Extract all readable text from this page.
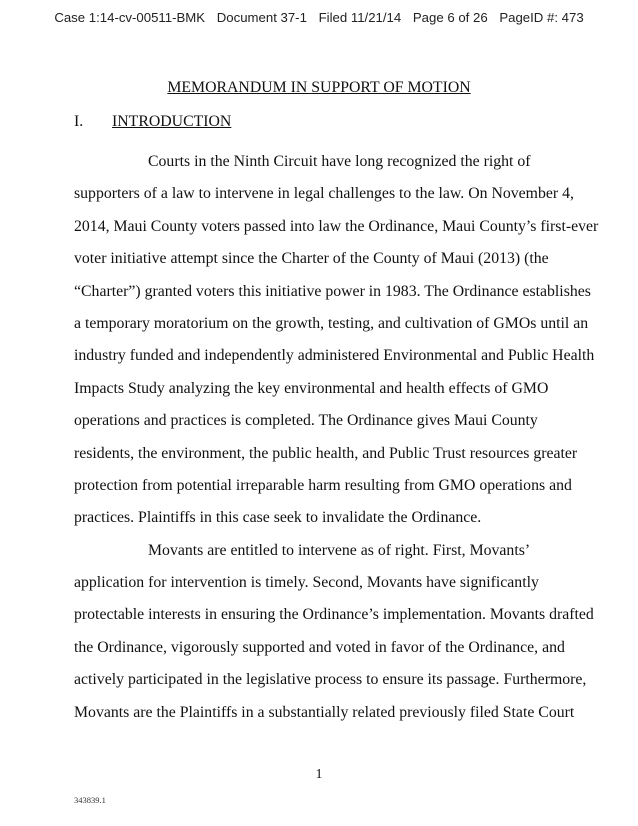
Case 1:14-cv-00511-BMK Document 37-1 Filed 11/21/14 Page 6 of 26 PageID #: 473
MEMORANDUM IN SUPPORT OF MOTION
I. INTRODUCTION
Courts in the Ninth Circuit have long recognized the right of
supporters of a law to intervene in legal challenges to the law. On November 4,
2014, Maui County voters passed into law the Ordinance, Maui County’s first-ever
voter initiative attempt since the Charter of the County of Maui (2013) (the
“Charter”) granted voters this initiative power in 1983. The Ordinance establishes
a temporary moratorium on the growth, testing, and cultivation of GMOs until an
industry funded and independently administered Environmental and Public Health
Impacts Study analyzing the key environmental and health effects of GMO
operations and practices is completed. The Ordinance gives Maui County
residents, the environment, the public health, and Public Trust resources greater
protection from potential irreparable harm resulting from GMO operations and
practices. Plaintiffs in this case seek to invalidate the Ordinance.
Movants are entitled to intervene as of right. First, Movants’
application for intervention is timely. Second, Movants have significantly
protectable interests in ensuring the Ordinance’s implementation. Movants drafted
the Ordinance, vigorously supported and voted in favor of the Ordinance, and
actively participated in the legislative process to ensure its passage. Furthermore,
Movants are the Plaintiffs in a substantially related previously filed State Court
1
343839.1
